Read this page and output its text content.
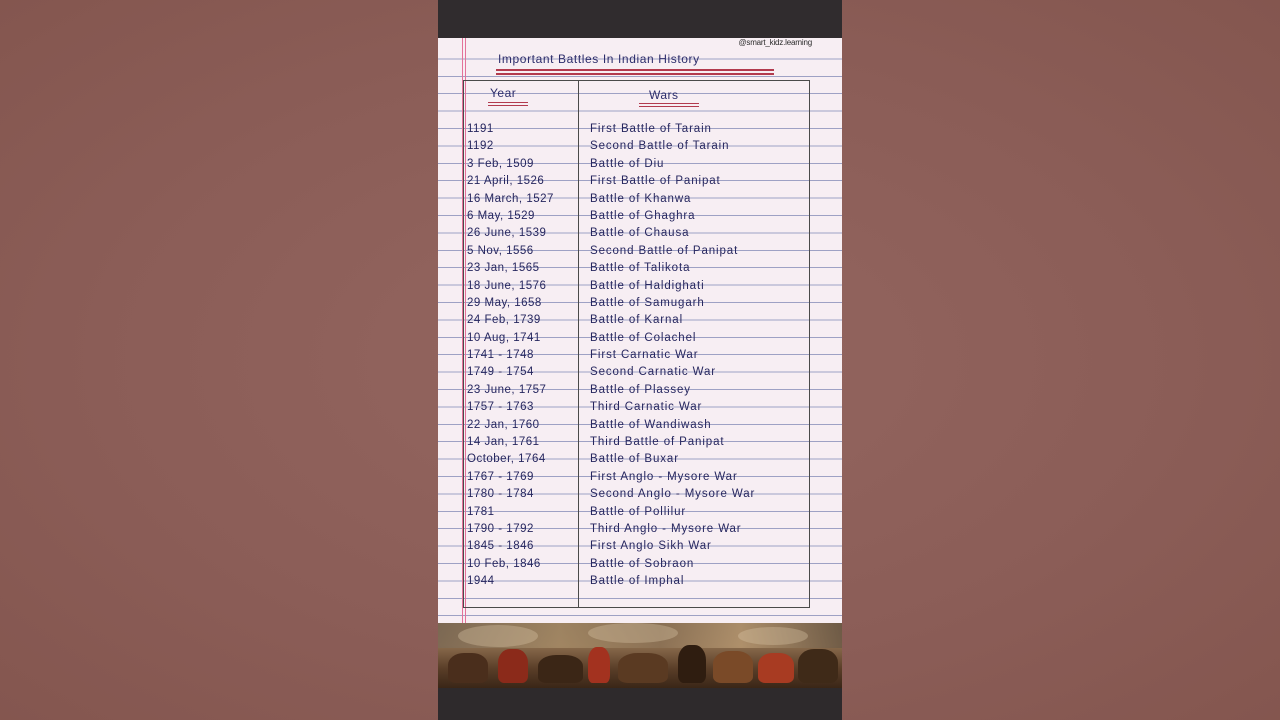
@smart_kidz.learning
Important Battles In Indian History
Year	Wars
1191	First Battle of Tarain
1192	Second Battle of Tarain
3 Feb, 1509	Battle of Diu
21 April, 1526	First Battle of Panipat
16 March, 1527	Battle of Khanwa
6 May, 1529	Battle of Ghaghra
26 June, 1539	Battle of Chausa
5 Nov, 1556	Second Battle of Panipat
23 Jan, 1565	Battle of Talikota
18 June, 1576	Battle of Haldighati
29 May, 1658	Battle of Samugarh
24 Feb, 1739	Battle of Karnal
10 Aug, 1741	Battle of Colachel
1741 - 1748	First Carnatic War
1749 - 1754	Second Carnatic War
23 June, 1757	Battle of Plassey
1757 - 1763	Third Carnatic War
22 Jan, 1760	Battle of Wandiwash
14 Jan, 1761	Third Battle of Panipat
October, 1764	Battle of Buxar
1767 - 1769	First Anglo - Mysore War
1780 - 1784	Second Anglo - Mysore War
1781	Battle of Pollilur
1790 - 1792	Third Anglo - Mysore War
1845 - 1846	First Anglo Sikh War
10 Feb, 1846	Battle of Sobraon
1944	Battle of Imphal
